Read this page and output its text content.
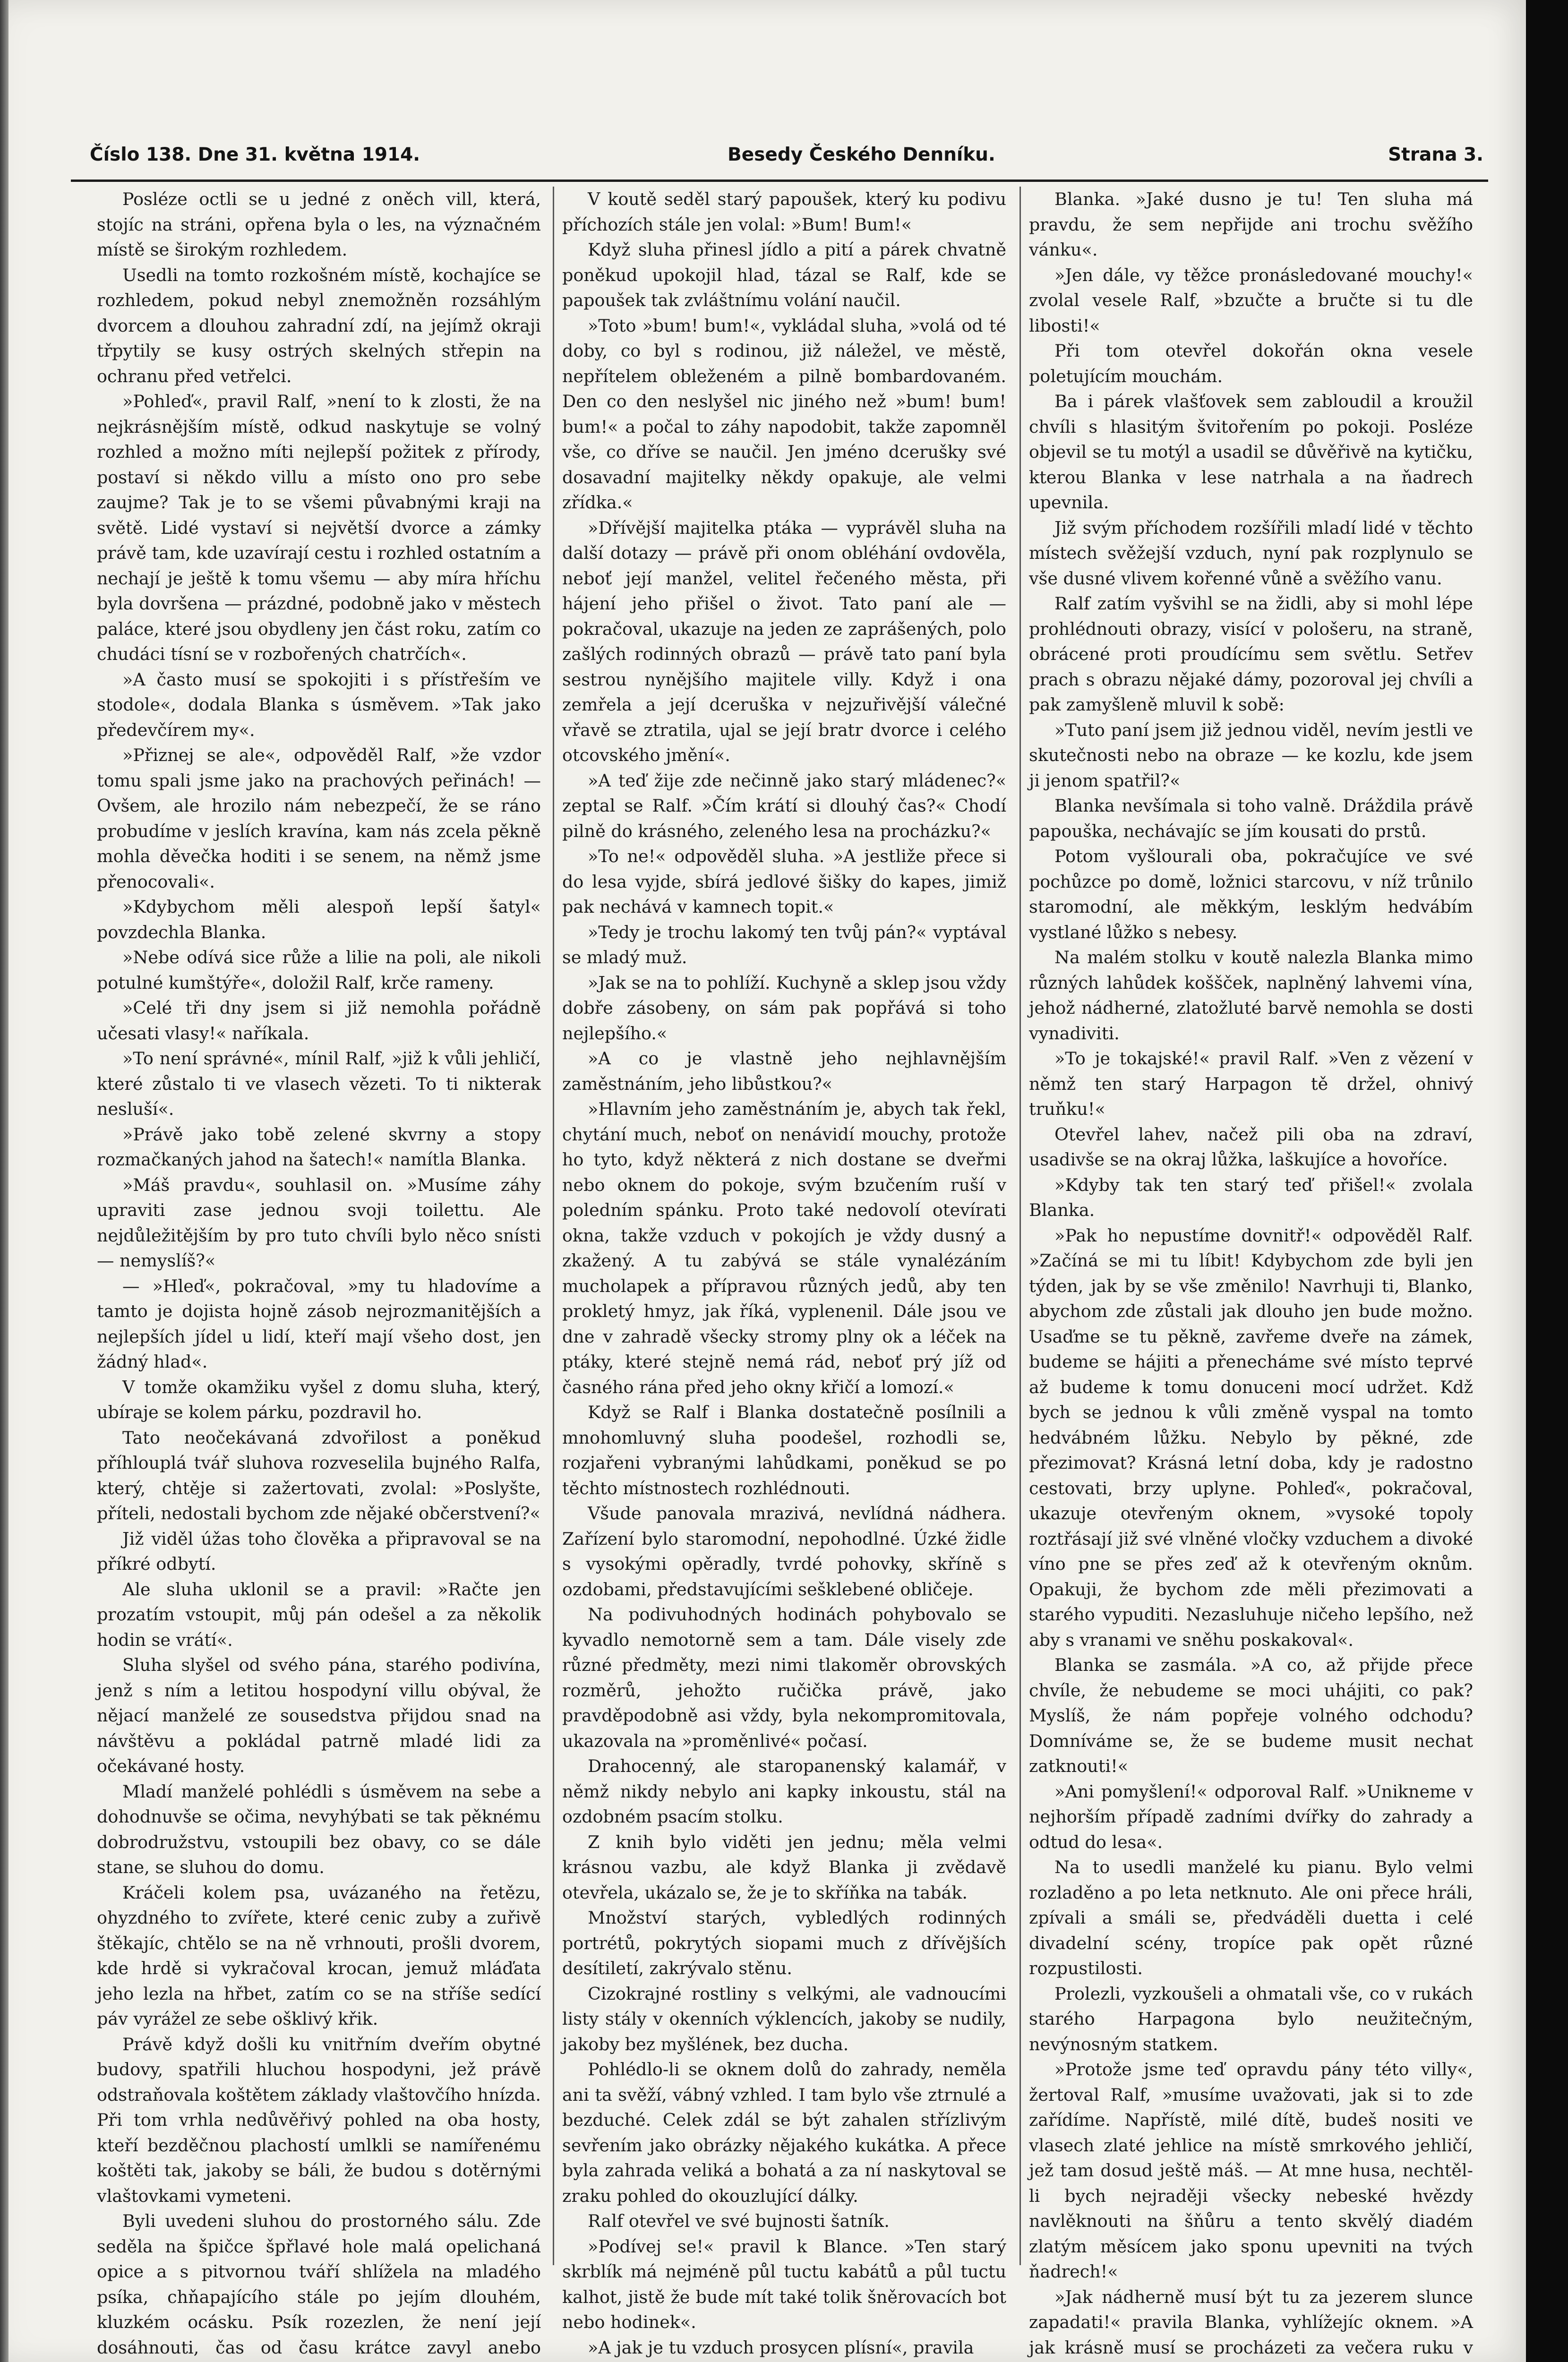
Číslo 138. Dne 31. května 1914.	Besedy Českého Denníku.	Strana 3.

Posléze octli se u jedné z oněch vill, která, stojíc na stráni, opřena byla o les, na význačném místě se širokým rozhledem.

Usedli na tomto rozkošném místě, kochajíce se rozhledem, pokud nebyl znemožněn rozsáhlým dvorcem a dlouhou zahradní zdí, na jejímž okraji třpytily se kusy ostrých skelných střepin na ochranu před vetřelci.

»Pohleď«, pravil Ralf, »není to k zlosti, že na nejkrásnějším místě, odkud naskytuje se volný rozhled a možno míti nejlepší požitek z přírody, postaví si někdo villu a místo ono pro sebe zaujme? Tak je to se všemi půvabnými kraji na světě. Lidé vystaví si největší dvorce a zámky právě tam, kde uzavírají cestu i rozhled ostatním a nechají je ještě k tomu všemu — aby míra hříchu byla dovršena — prázdné, podobně jako v městech paláce, které jsou obydleny jen část roku, zatím co chudáci tísní se v rozbořených chatrčích«.

»A často musí se spokojiti i s přístřeším ve stodole«, dodala Blanka s úsměvem. »Tak jako předevčírem my«.

»Přiznej se ale«, odpověděl Ralf, »že vzdor tomu spali jsme jako na prachových peřinách! — Ovšem, ale hrozilo nám nebezpečí, že se ráno probudíme v jeslích kravína, kam nás zcela pěkně mohla děvečka hoditi i se senem, na němž jsme přenocovali«.

»Kdybychom měli alespoň lepší šatyl« povzdechla Blanka.

»Nebe odívá sice růže a lilie na poli, ale nikoli potulné kumštýře«, doložil Ralf, krče rameny.

»Celé tři dny jsem si již nemohla pořádně učesati vlasy!« naříkala.

»To není správné«, mínil Ralf, »již k vůli jehličí, které zůstalo ti ve vlasech vězeti. To ti nikterak nesluší«.

»Právě jako tobě zelené skvrny a stopy rozmačkaných jahod na šatech!« namítla Blanka.

»Máš pravdu«, souhlasil on. »Musíme záhy upraviti zase jednou svoji toilettu. Ale nejdůležitějším by pro tuto chvíli bylo něco snísti — nemyslíš?«

— »Hleď«, pokračoval, »my tu hladovíme a tamto je dojista hojně zásob nejrozmanitějších a nejlepších jídel u lidí, kteří mají všeho dost, jen žádný hlad«.

V tomže okamžiku vyšel z domu sluha, který, ubíraje se kolem párku, pozdravil ho.

Tato neočekávaná zdvořilost a poněkud příhlouplá tvář sluhova rozveselila bujného Ralfa, který, chtěje si zažertovati, zvolal: »Poslyšte, příteli, nedostali bychom zde nějaké občerstvení?«

Již viděl úžas toho člověka a připravoval se na příkré odbytí.

Ale sluha uklonil se a pravil: »Račte jen prozatím vstoupit, můj pán odešel a za několik hodin se vrátí«.

Sluha slyšel od svého pána, starého podivína, jenž s ním a letitou hospodyní villu obýval, že nějací manželé ze sousedstva přijdou snad na návštěvu a pokládal patrně mladé lidi za očekávané hosty.

Mladí manželé pohlédli s úsměvem na sebe a dohodnuvše se očima, nevyhýbati se tak pěknému dobrodružstvu, vstoupili bez obavy, co se dále stane, se sluhou do domu.

Kráčeli kolem psa, uvázaného na řetězu, ohyzdného to zvířete, které cenic zuby a zuřivě štěkajíc, chtělo se na ně vrhnouti, prošli dvorem, kde hrdě si vykračoval krocan, jemuž mláďata jeho lezla na hřbet, zatím co se na stříše sedící páv vyrážel ze sebe ošklivý křik.

Právě když došli ku vnitřním dveřím obytné budovy, spatřili hluchou hospodyni, jež právě odstraňovala koštětem základy vlaštovčího hnízda. Při tom vrhla nedůvěřivý pohled na oba hosty, kteří bezděčnou plachostí umlkli se namířenému koštěti tak, jakoby se báli, že budou s dotěrnými vlaštovkami vymeteni.

Byli uvedeni sluhou do prostorného sálu. Zde seděla na špičce špřlavé hole malá opelichaná opice a s pitvornou tváří shlížela na mladého psíka, chňapajícího stále po jejím dlouhém, kluzkém ocásku. Psík rozezlen, že není její dosáhnouti, čas od času krátce zavyl anebo

V koutě seděl starý papoušek, který ku podivu příchozích stále jen volal: »Bum! Bum!«

Když sluha přinesl jídlo a pití a párek chvatně poněkud upokojil hlad, tázal se Ralf, kde se papoušek tak zvláštnímu volání naučil.

»Toto »bum! bum!«, vykládal sluha, »volá od té doby, co byl s rodinou, již náležel, ve městě, nepřítelem obleženém a pilně bombardovaném. Den co den neslyšel nic jiného než »bum! bum! bum!« a počal to záhy napodobit, takže zapomněl vše, co dříve se naučil. Jen jméno dcerušky své dosavadní majitelky někdy opakuje, ale velmi zřídka.«

»Dřívější majitelka ptáka — vyprávěl sluha na další dotazy — právě při onom obléhání ovdověla, neboť její manžel, velitel řečeného města, při hájení jeho přišel o život. Tato paní ale — pokračoval, ukazuje na jeden ze zaprášených, polo zašlých rodinných obrazů — právě tato paní byla sestrou nynějšího majitele villy. Když i ona zemřela a její dceruška v nejzuřivější válečné vřavě se ztratila, ujal se její bratr dvorce i celého otcovského jmění«.

»A teď žije zde nečinně jako starý mládenec?« zeptal se Ralf. »Čím krátí si dlouhý čas?« Chodí pilně do krásného, zeleného lesa na procházku?«

»To ne!« odpověděl sluha. »A jestliže přece si do lesa vyjde, sbírá jedlové šišky do kapes, jimiž pak nechává v kamnech topit.«

»Tedy je trochu lakomý ten tvůj pán?« vyptával se mladý muž.

»Jak se na to pohlíží. Kuchyně a sklep jsou vždy dobře zásobeny, on sám pak popřává si toho nejlepšího.«

»A co je vlastně jeho nejhlavnějším zaměstnáním, jeho libůstkou?«

»Hlavním jeho zaměstnáním je, abych tak řekl, chytání much, neboť on nenávidí mouchy, protože ho tyto, když některá z nich dostane se dveřmi nebo oknem do pokoje, svým bzučením ruší v poledním spánku. Proto také nedovolí otevírati okna, takže vzduch v pokojích je vždy dusný a zkažený. A tu zabývá se stále vynalézáním mucholapek a přípravou různých jedů, aby ten prokletý hmyz, jak říká, vyplenenil. Dále jsou ve dne v zahradě všecky stromy plny ok a léček na ptáky, které stejně nemá rád, neboť prý jíž od časného rána před jeho okny křičí a lomozí.«

Když se Ralf i Blanka dostatečně posílnili a mnohomluvný sluha poodešel, rozhodli se, rozjařeni vybranými lahůdkami, poněkud se po těchto místnostech rozhlédnouti.

Všude panovala mrazivá, nevlídná nádhera. Zařízení bylo staromodní, nepohodlné. Úzké židle s vysokými opěradly, tvrdé pohovky, skříně s ozdobami, představujícími sešklebené obličeje.

Na podivuhodných hodinách pohybovalo se kyvadlo nemotorně sem a tam. Dále visely zde různé předměty, mezi nimi tlakoměr obrovských rozměrů, jehožto ručička právě, jako pravděpodobně asi vždy, byla nekompromitovala, ukazovala na »proměnlivé« počasí.

Drahocenný, ale staropanenský kalamář, v němž nikdy nebylo ani kapky inkoustu, stál na ozdobném psacím stolku.

Z knih bylo viděti jen jednu; měla velmi krásnou vazbu, ale když Blanka ji zvědavě otevřela, ukázalo se, že je to skříňka na tabák.

Množství starých, vybledlých rodinných portrétů, pokrytých siopami much z dřívějších desítiletí, zakrývalo stěnu.

Cizokrajné rostliny s velkými, ale vadnoucími listy stály v okenních výklencích, jakoby se nudily, jakoby bez myšlének, bez ducha.

Pohlédlo-li se oknem dolů do zahrady, neměla ani ta svěží, vábný vzhled. I tam bylo vše ztrnulé a bezduché. Celek zdál se být zahalen střízlivým sevřením jako obrázky nějakého kukátka. A přece byla zahrada veliká a bohatá a za ní naskytoval se zraku pohled do okouzlující dálky.

Ralf otevřel ve své bujnosti šatník.

»Podívej se!« pravil k Blance. »Ten starý skrblík má nejméně půl tuctu kabátů a půl tuctu kalhot, jistě že bude mít také tolik šněrovacích bot nebo hodinek«.

»A jak je tu vzduch prosycen plísní«, pravila

Blanka. »Jaké dusno je tu! Ten sluha má pravdu, že sem nepřijde ani trochu svěžího vánku«.

»Jen dále, vy těžce pronásledované mouchy!« zvolal vesele Ralf, »bzučte a bručte si tu dle libosti!«

Při tom otevřel dokořán okna vesele poletujícím mouchám.

Ba i párek vlašťovek sem zabloudil a kroužil chvíli s hlasitým švitořením po pokoji. Posléze objevil se tu motýl a usadil se důvěřivě na kytičku, kterou Blanka v lese natrhala a na ňadrech upevnila.

Již svým příchodem rozšířili mladí lidé v těchto místech svěžejší vzduch, nyní pak rozplynulo se vše dusné vlivem kořenné vůně a svěžího vanu.

Ralf zatím vyšvihl se na židli, aby si mohl lépe prohlédnouti obrazy, visící v pološeru, na straně, obrácené proti proudícímu sem světlu. Setřev prach s obrazu nějaké dámy, pozoroval jej chvíli a pak zamyšleně mluvil k sobě:

»Tuto paní jsem již jednou viděl, nevím jestli ve skutečnosti nebo na obraze — ke kozlu, kde jsem ji jenom spatřil?«

Blanka nevšímala si toho valně. Dráždila právě papouška, nechávajíc se jím kousati do prstů.

Potom vyšlourali oba, pokračujíce ve své pochůzce po domě, ložnici starcovu, v níž trůnilo staromodní, ale měkkým, lesklým hedvábím vystlané lůžko s nebesy.

Na malém stolku v koutě nalezla Blanka mimo různých lahůdek koššček, naplněný lahvemi vína, jehož nádherné, zlatožluté barvě nemohla se dosti vynadiviti.

»To je tokajské!« pravil Ralf. »Ven z vězení v němž ten starý Harpagon tě držel, ohnivý truňku!«

Otevřel lahev, načež pili oba na zdraví, usadivše se na okraj lůžka, laškujíce a hovoříce.

»Kdyby tak ten starý teď přišel!« zvolala Blanka.

»Pak ho nepustíme dovnitř!« odpověděl Ralf. »Začíná se mi tu líbit! Kdybychom zde byli jen týden, jak by se vše změnilo! Navrhuji ti, Blanko, abychom zde zůstali jak dlouho jen bude možno. Usaďme se tu pěkně, zavřeme dveře na zámek, budeme se hájiti a přenecháme své místo teprvé až budeme k tomu donuceni mocí udržet. Kdž bych se jednou k vůli změně vyspal na tomto hedvábném lůžku. Nebylo by pěkné, zde přezimovat? Krásná letní doba, kdy je radostno cestovati, brzy uplyne. Pohleď«, pokračoval, ukazuje otevřeným oknem, »vysoké topoly roztřásají již své vlněné vločky vzduchem a divoké víno pne se přes zeď až k otevřeným oknům. Opakuji, že bychom zde měli přezimovati a starého vypuditi. Nezasluhuje ničeho lepšího, než aby s vranami ve sněhu poskakoval«.

Blanka se zasmála. »A co, až přijde přece chvíle, že nebudeme se moci uhájiti, co pak? Myslíš, že nám popřeje volného odchodu? Domníváme se, že se budeme musit nechat zatknouti!«

»Ani pomyšlení!« odporoval Ralf. »Unikneme v nejhorším případě zadními dvířky do zahrady a odtud do lesa«.

Na to usedli manželé ku pianu. Bylo velmi rozladěno a po leta netknuto. Ale oni přece hráli, zpívali a smáli se, předváděli duetta i celé divadelní scény, tropíce pak opět různé rozpustilosti.

Prolezli, vyzkoušeli a ohmatali vše, co v rukách starého Harpagona bylo neužitečným, nevýnosným statkem.

»Protože jsme teď opravdu pány této villy«, žertoval Ralf, »musíme uvažovati, jak si to zde zařídíme. Napřístě, milé dítě, budeš nositi ve vlasech zlaté jehlice na místě smrkového jehličí, jež tam dosud ještě máš. — At mne husa, nechtěl-li bych nejraději všecky nebeské hvězdy navlěknouti na šňůru a tento skvělý diadém zlatým měsícem jako sponu upevniti na tvých ňadrech!«

»Jak nádherně musí být tu za jezerem slunce zapadati!« pravila Blanka, vyhlížejíc oknem. »A jak krásně musí se procházeti za večera ruku v
